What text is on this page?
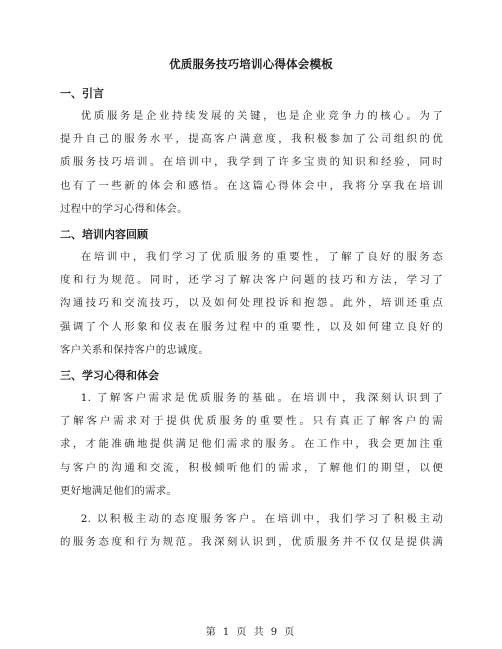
优质服务技巧培训心得体会模板
一、引言
优质服务是企业持续发展的关键，也是企业竞争力的核心。为了
提升自己的服务水平，提高客户满意度，我积极参加了公司组织的优
质服务技巧培训。在培训中，我学到了许多宝贵的知识和经验，同时
也有了一些新的体会和感悟。在这篇心得体会中，我将分享我在培训
过程中的学习心得和体会。
二、培训内容回顾
在培训中，我们学习了优质服务的重要性，了解了良好的服务态
度和行为规范。同时，还学习了解决客户问题的技巧和方法，学习了
沟通技巧和交流技巧，以及如何处理投诉和抱怨。此外，培训还重点
强调了个人形象和仪表在服务过程中的重要性，以及如何建立良好的
客户关系和保持客户的忠诚度。
三、学习心得和体会
1. 了解客户需求是优质服务的基础。在培训中，我深刻认识到了
了解客户需求对于提供优质服务的重要性。只有真正了解客户的需
求，才能准确地提供满足他们需求的服务。在工作中，我会更加注重
与客户的沟通和交流，积极倾听他们的需求，了解他们的期望，以便
更好地满足他们的需求。
2. 以积极主动的态度服务客户。在培训中，我们学习了积极主动
的服务态度和行为规范。我深刻认识到，优质服务并不仅仅是提供满
第 1 页 共 9 页
